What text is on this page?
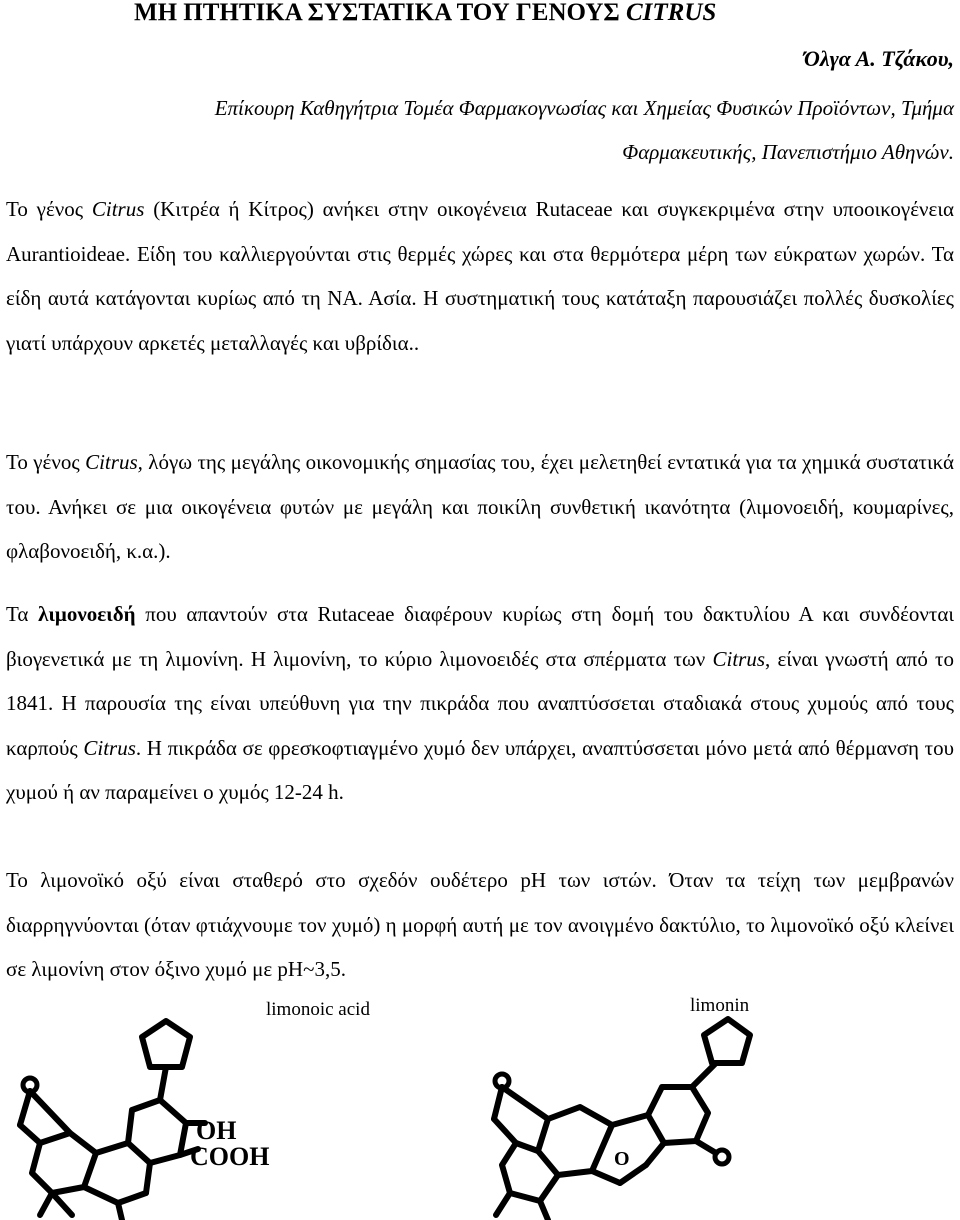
ΜΗ ΠΤΗΤΙΚΑ ΣΥΣΤΑΤΙΚΑ ΤΟΥ ΓΕΝΟΥΣ CITRUS
Όλγα Α. Τζάκου,
Επίκουρη Καθηγήτρια Τομέα Φαρμακογνωσίας και Χημείας Φυσικών Προϊόντων, Τμήμα
Φαρμακευτικής, Πανεπιστήμιο Αθηνών.
Το γένος Citrus (Κιτρέα ή Κίτρος) ανήκει στην οικογένεια Rutaceae και συγκεκριμένα στην υποοικογένεια Aurantioideae. Είδη του καλλιεργούνται στις θερμές χώρες και στα θερμότερα μέρη των εύκρατων χωρών. Τα είδη αυτά κατάγονται κυρίως από τη ΝΑ. Ασία. Η συστηματική τους κατάταξη παρουσιάζει πολλές δυσκολίες γιατί υπάρχουν αρκετές μεταλλαγές και υβρίδια..
Το γένος Citrus, λόγω της μεγάλης οικονομικής σημασίας του, έχει μελετηθεί εντατικά για τα χημικά συστατικά του. Ανήκει σε μια οικογένεια φυτών με μεγάλη και ποικίλη συνθετική ικανότητα (λιμονοειδή, κουμαρίνες, φλαβονοειδή, κ.α.).
Τα λιμονοειδή που απαντούν στα Rutaceae διαφέρουν κυρίως στη δομή του δακτυλίου Α και συνδέονται βιογενετικά με τη λιμονίνη. Η λιμονίνη, το κύριο λιμονοειδές στα σπέρματα των Citrus, είναι γνωστή από το 1841. Η παρουσία της είναι υπεύθυνη για την πικράδα που αναπτύσσεται σταδιακά στους χυμούς από τους καρπούς Citrus. Η πικράδα σε φρεσκοφτιαγμένο χυμό δεν υπάρχει, αναπτύσσεται μόνο μετά από θέρμανση του χυμού ή αν παραμείνει ο χυμός 12-24 h.
Το λιμονοϊκό οξύ είναι σταθερό στο σχεδόν ουδέτερο pH των ιστών. Όταν τα τείχη των μεμβρανών διαρρηγνύονται (όταν φτιάχνουμε τον χυμό) η μορφή αυτή με τον ανοιγμένο δακτύλιο, το λιμονοϊκό οξύ κλείνει σε λιμονίνη στον όξινο χυμό με pH~3,5.
limonoic acid	limonin
OH
COOH	O
